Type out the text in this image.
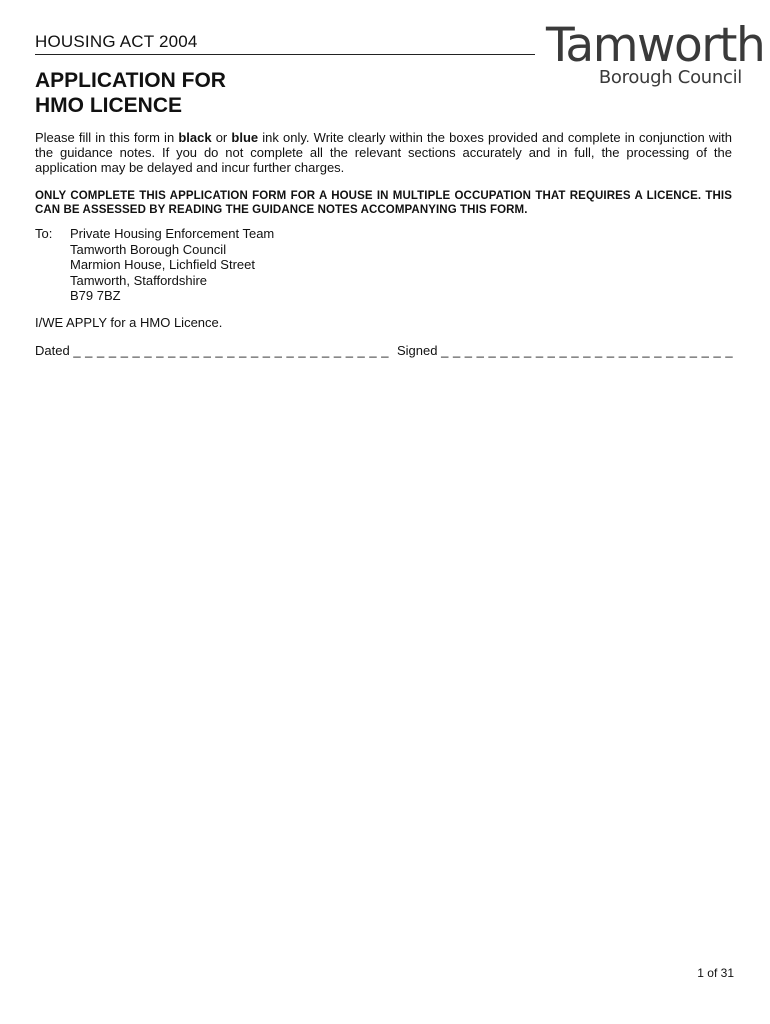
HOUSING ACT 2004	Tamworth
Borough Council
APPLICATION FOR
HMO LICENCE
Please fill in this form in black or blue ink only. Write clearly within the boxes provided and complete in conjunction with the guidance notes. If you do not complete all the relevant sections accurately and in full, the processing of the application may be delayed and incur further charges.
ONLY COMPLETE THIS APPLICATION FORM FOR A HOUSE IN MULTIPLE OCCUPATION THAT REQUIRES A LICENCE. THIS CAN BE ASSESSED BY READING THE GUIDANCE NOTES ACCOMPANYING THIS FORM.
To: Private Housing Enforcement Team
Tamworth Borough Council
Marmion House, Lichfield Street
Tamworth, Staffordshire
B79 7BZ
I/WE APPLY for a HMO Licence.
Dated _ _ _ _ _ _ _ _ _ _ _ _ _ _ _ _ _ _ _ _ _ _ _ _ _ _ _ Signed _ _ _ _ _ _ _ _ _ _ _ _ _ _ _ _ _ _ _ _ _ _ _ _ _
1 of 31
